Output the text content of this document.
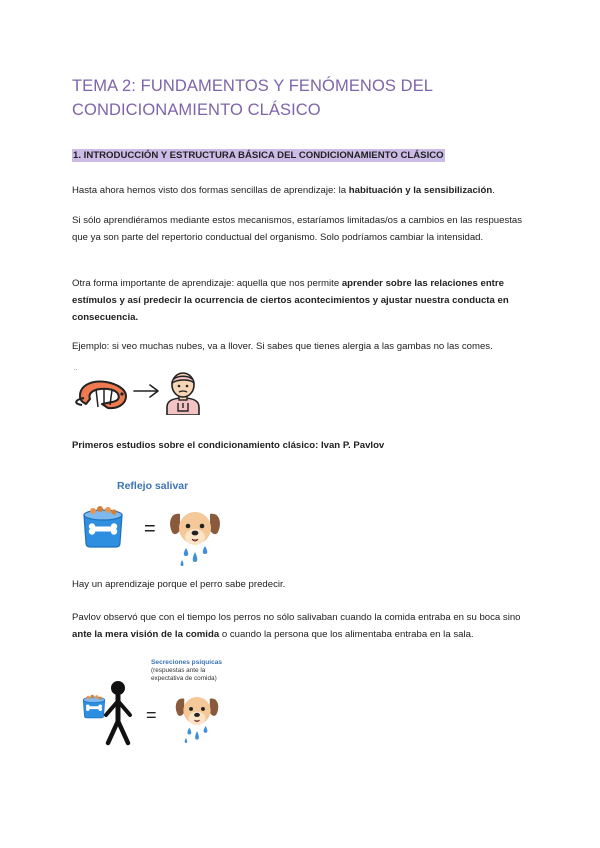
TEMA 2: FUNDAMENTOS Y FENÓMENOS DEL CONDICIONAMIENTO CLÁSICO
1. INTRODUCCIÓN Y ESTRUCTURA BÁSICA DEL CONDICIONAMIENTO CLÁSICO
Hasta ahora hemos visto dos formas sencillas de aprendizaje: la habituación y la sensibilización.
Si sólo aprendiéramos mediante estos mecanismos, estaríamos limitadas/os a cambios en las respuestas que ya son parte del repertorio conductual del organismo. Solo podríamos cambiar la intensidad.
Otra forma importante de aprendizaje: aquella que nos permite aprender sobre las relaciones entre estímulos y así predecir la ocurrencia de ciertos acontecimientos y ajustar nuestra conducta en consecuencia.
Ejemplo: si veo muchas nubes, va a llover. Si sabes que tienes alergia a las gambas no las comes.
..
Primeros estudios sobre el condicionamiento clásico: Ivan P. Pavlov
Reflejo salivar
=
Hay un aprendizaje porque el perro sabe predecir.
Pavlov observó que con el tiempo los perros no sólo salivaban cuando la comida entraba en su boca sino ante la mera visión de la comida o cuando la persona que los alimentaba entraba en la sala.
Secreciones psíquicas
(respuestas ante la
expectativa de comida)
=
